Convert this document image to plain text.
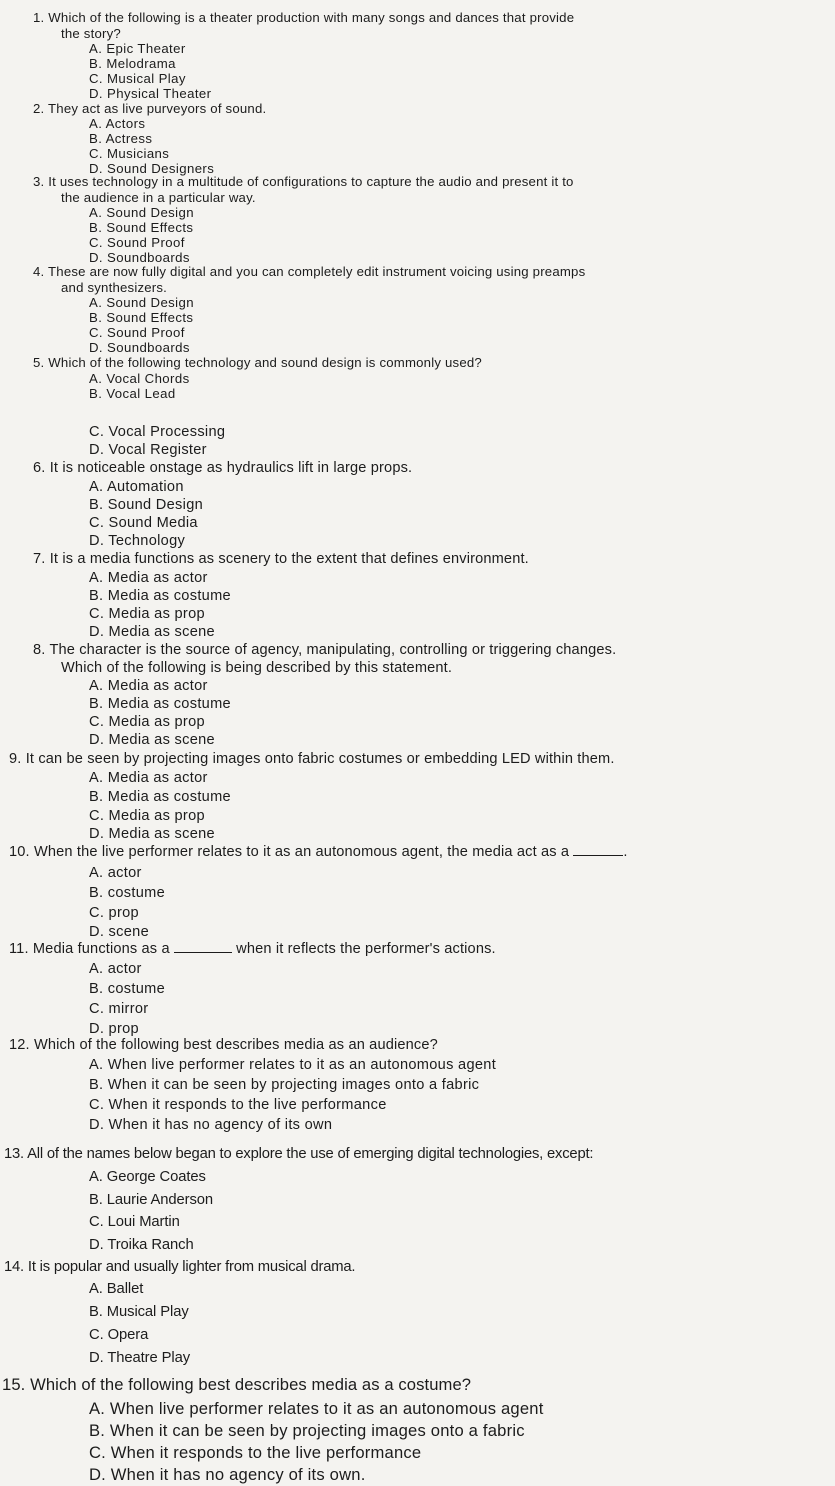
1. Which of the following is a theater production with many songs and dances that provide
the story?
A. Epic Theater
B. Melodrama
C. Musical Play
D. Physical Theater
2. They act as live purveyors of sound.
A. Actors
B. Actress
C. Musicians
D. Sound Designers
3. It uses technology in a multitude of configurations to capture the audio and present it to
the audience in a particular way.
A. Sound Design
B. Sound Effects
C. Sound Proof
D. Soundboards
4. These are now fully digital and you can completely edit instrument voicing using preamps
and synthesizers.
A. Sound Design
B. Sound Effects
C. Sound Proof
D. Soundboards
5. Which of the following technology and sound design is commonly used?
A. Vocal Chords
B. Vocal Lead
C. Vocal Processing
D. Vocal Register
6. It is noticeable onstage as hydraulics lift in large props.
A. Automation
B. Sound Design
C. Sound Media
D. Technology
7. It is a media functions as scenery to the extent that defines environment.
A. Media as actor
B. Media as costume
C. Media as prop
D. Media as scene
8. The character is the source of agency, manipulating, controlling or triggering changes.
Which of the following is being described by this statement.
A. Media as actor
B. Media as costume
C. Media as prop
D. Media as scene
9. It can be seen by projecting images onto fabric costumes or embedding LED within them.
A. Media as actor
B. Media as costume
C. Media as prop
D. Media as scene
10. When the live performer relates to it as an autonomous agent, the media act as a	.
A. actor
B. costume
C. prop
D. scene
11. Media functions as a	when it reflects the performer's actions.
A. actor
B. costume
C. mirror
D. prop
12. Which of the following best describes media as an audience?
A. When live performer relates to it as an autonomous agent
B. When it can be seen by projecting images onto a fabric
C. When it responds to the live performance
D. When it has no agency of its own
13. All of the names below began to explore the use of emerging digital technologies, except:
A. George Coates
B. Laurie Anderson
C. Loui Martin
D. Troika Ranch
14. It is popular and usually lighter from musical drama.
A. Ballet
B. Musical Play
C. Opera
D. Theatre Play
15. Which of the following best describes media as a costume?
A. When live performer relates to it as an autonomous agent
B. When it can be seen by projecting images onto a fabric
C. When it responds to the live performance
D. When it has no agency of its own.
